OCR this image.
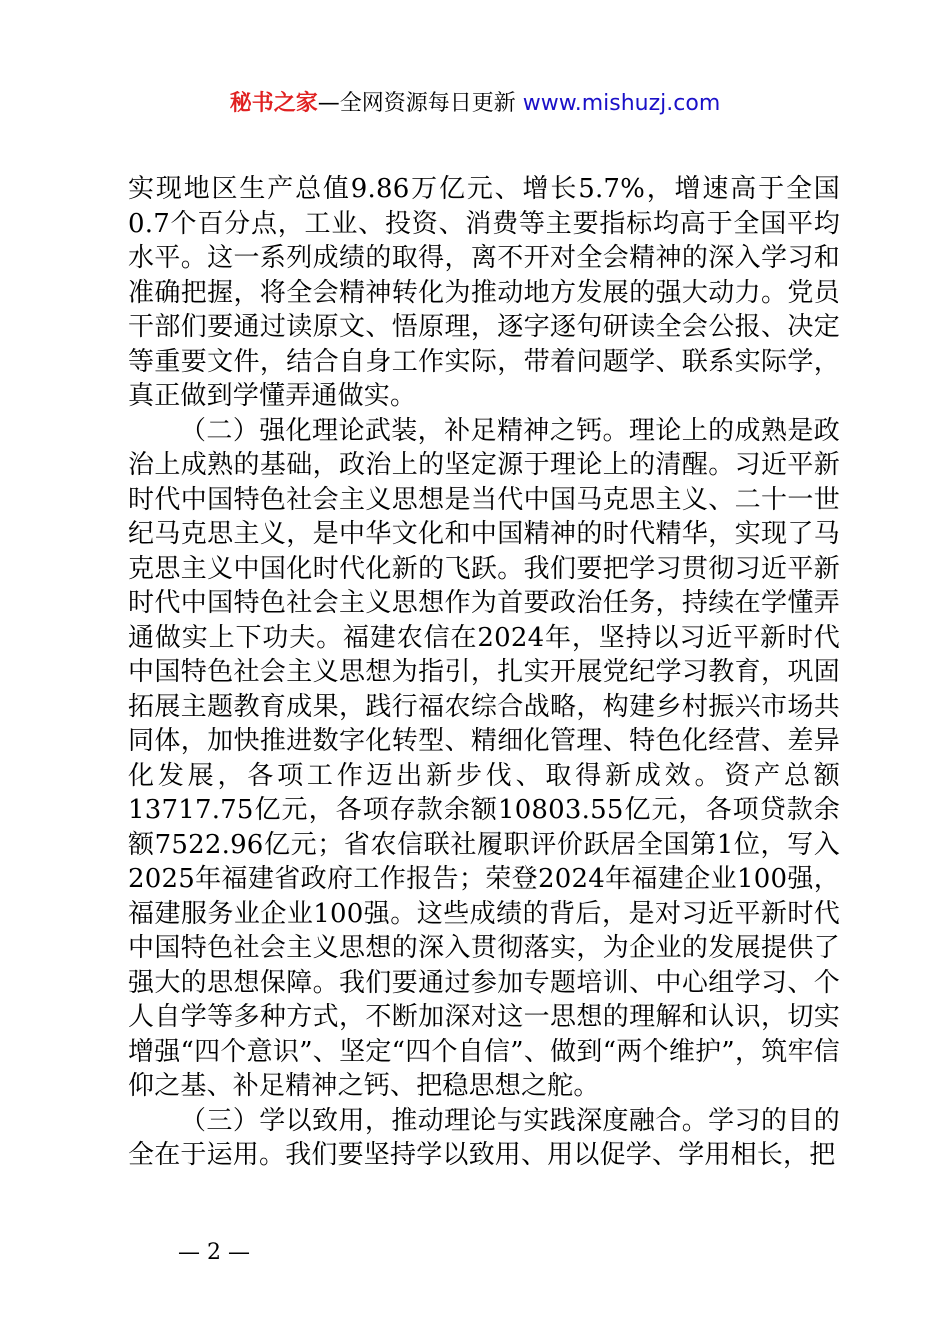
秘书之家—全网资源每日更新 www.mishuzj.com

实现地区生产总值9.86万亿元、增长5.7%，增速高于全国0.7个百分点，工业、投资、消费等主要指标均高于全国平均水平。这一系列成绩的取得，离不开对全会精神的深入学习和准确把握，将全会精神转化为推动地方发展的强大动力。党员干部们要通过读原文、悟原理，逐字逐句研读全会公报、决定等重要文件，结合自身工作实际，带着问题学、联系实际学，真正做到学懂弄通做实。

（二）强化理论武装，补足精神之钙。理论上的成熟是政治上成熟的基础，政治上的坚定源于理论上的清醒。习近平新时代中国特色社会主义思想是当代中国马克思主义、二十一世纪马克思主义，是中华文化和中国精神的时代精华，实现了马克思主义中国化时代化新的飞跃。我们要把学习贯彻习近平新时代中国特色社会主义思想作为首要政治任务，持续在学懂弄通做实上下功夫。福建农信在2024年，坚持以习近平新时代中国特色社会主义思想为指引，扎实开展党纪学习教育，巩固拓展主题教育成果，践行福农综合战略，构建乡村振兴市场共同体，加快推进数字化转型、精细化管理、特色化经营、差异化发展，各项工作迈出新步伐、取得新成效。资产总额13717.75亿元，各项存款余额10803.55亿元，各项贷款余额7522.96亿元；省农信联社履职评价跃居全国第1位，写入2025年福建省政府工作报告；荣登2024年福建企业100强，福建服务业企业100强。这些成绩的背后，是对习近平新时代中国特色社会主义思想的深入贯彻落实，为企业的发展提供了强大的思想保障。我们要通过参加专题培训、中心组学习、个人自学等多种方式，不断加深对这一思想的理解和认识，切实增强“四个意识”、坚定“四个自信”、做到“两个维护”，筑牢信仰之基、补足精神之钙、把稳思想之舵。

（三）学以致用，推动理论与实践深度融合。学习的目的全在于运用。我们要坚持学以致用、用以促学、学用相长，把

— 2 —
